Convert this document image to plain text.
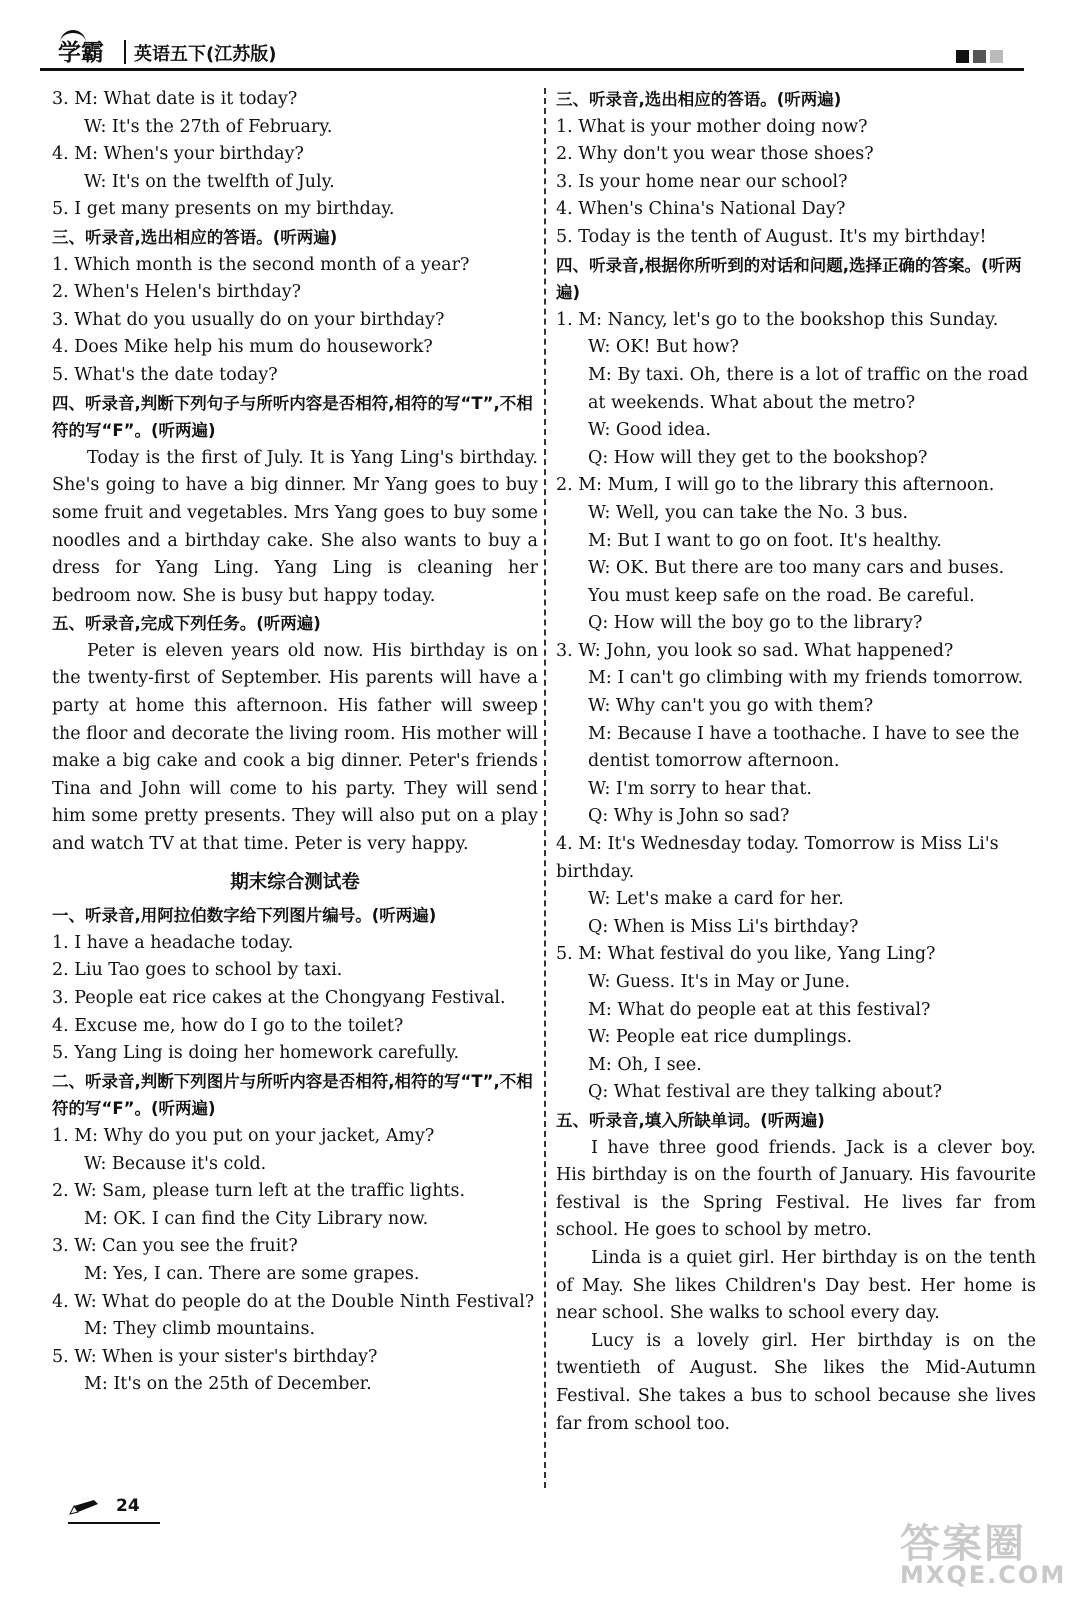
学霸 英语五下(江苏版)
3. M: What date is it today?
W: It's the 27th of February.
4. M: When's your birthday?
W: It's on the twelfth of July.
5. I get many presents on my birthday.
三、听录音,选出相应的答语。(听两遍)
1. Which month is the second month of a year?
2. When's Helen's birthday?
3. What do you usually do on your birthday?
4. Does Mike help his mum do housework?
5. What's the date today?
四、听录音,判断下列句子与所听内容是否相符,相符的写“T”,不相符的写“F”。(听两遍)
Today is the first of July. It is Yang Ling's birthday. She's going to have a big dinner. Mr Yang goes to buy some fruit and vegetables. Mrs Yang goes to buy some noodles and a birthday cake. She also wants to buy a dress for Yang Ling. Yang Ling is cleaning her bedroom now. She is busy but happy today.
五、听录音,完成下列任务。(听两遍)
Peter is eleven years old now. His birthday is on the twenty-first of September. His parents will have a party at home this afternoon. His father will sweep the floor and decorate the living room. His mother will make a big cake and cook a big dinner. Peter's friends Tina and John will come to his party. They will send him some pretty presents. They will also put on a play and watch TV at that time. Peter is very happy.
期末综合测试卷
一、听录音,用阿拉伯数字给下列图片编号。(听两遍)
1. I have a headache today.
2. Liu Tao goes to school by taxi.
3. People eat rice cakes at the Chongyang Festival.
4. Excuse me, how do I go to the toilet?
5. Yang Ling is doing her homework carefully.
二、听录音,判断下列图片与所听内容是否相符,相符的写“T”,不相符的写“F”。(听两遍)
1. M: Why do you put on your jacket, Amy?
W: Because it's cold.
2. W: Sam, please turn left at the traffic lights.
M: OK. I can find the City Library now.
3. W: Can you see the fruit?
M: Yes, I can. There are some grapes.
4. W: What do people do at the Double Ninth Festival?
M: They climb mountains.
5. W: When is your sister's birthday?
M: It's on the 25th of December.
三、听录音,选出相应的答语。(听两遍)
1. What is your mother doing now?
2. Why don't you wear those shoes?
3. Is your home near our school?
4. When's China's National Day?
5. Today is the tenth of August. It's my birthday!
四、听录音,根据你所听到的对话和问题,选择正确的答案。(听两遍)
1. M: Nancy, let's go to the bookshop this Sunday.
W: OK! But how?
M: By taxi. Oh, there is a lot of traffic on the road at weekends. What about the metro?
W: Good idea.
Q: How will they get to the bookshop?
2. M: Mum, I will go to the library this afternoon.
W: Well, you can take the No. 3 bus.
M: But I want to go on foot. It's healthy.
W: OK. But there are too many cars and buses. You must keep safe on the road. Be careful.
Q: How will the boy go to the library?
3. W: John, you look so sad. What happened?
M: I can't go climbing with my friends tomorrow.
W: Why can't you go with them?
M: Because I have a toothache. I have to see the dentist tomorrow afternoon.
W: I'm sorry to hear that.
Q: Why is John so sad?
4. M: It's Wednesday today. Tomorrow is Miss Li's birthday.
W: Let's make a card for her.
Q: When is Miss Li's birthday?
5. M: What festival do you like, Yang Ling?
W: Guess. It's in May or June.
M: What do people eat at this festival?
W: People eat rice dumplings.
M: Oh, I see.
Q: What festival are they talking about?
五、听录音,填入所缺单词。(听两遍)
I have three good friends. Jack is a clever boy. His birthday is on the fourth of January. His favourite festival is the Spring Festival. He lives far from school. He goes to school by metro.
Linda is a quiet girl. Her birthday is on the tenth of May. She likes Children's Day best. Her home is near school. She walks to school every day.
Lucy is a lovely girl. Her birthday is on the twentieth of August. She likes the Mid-Autumn Festival. She takes a bus to school because she lives far from school too.
24
答案圈
MXQE.COM
